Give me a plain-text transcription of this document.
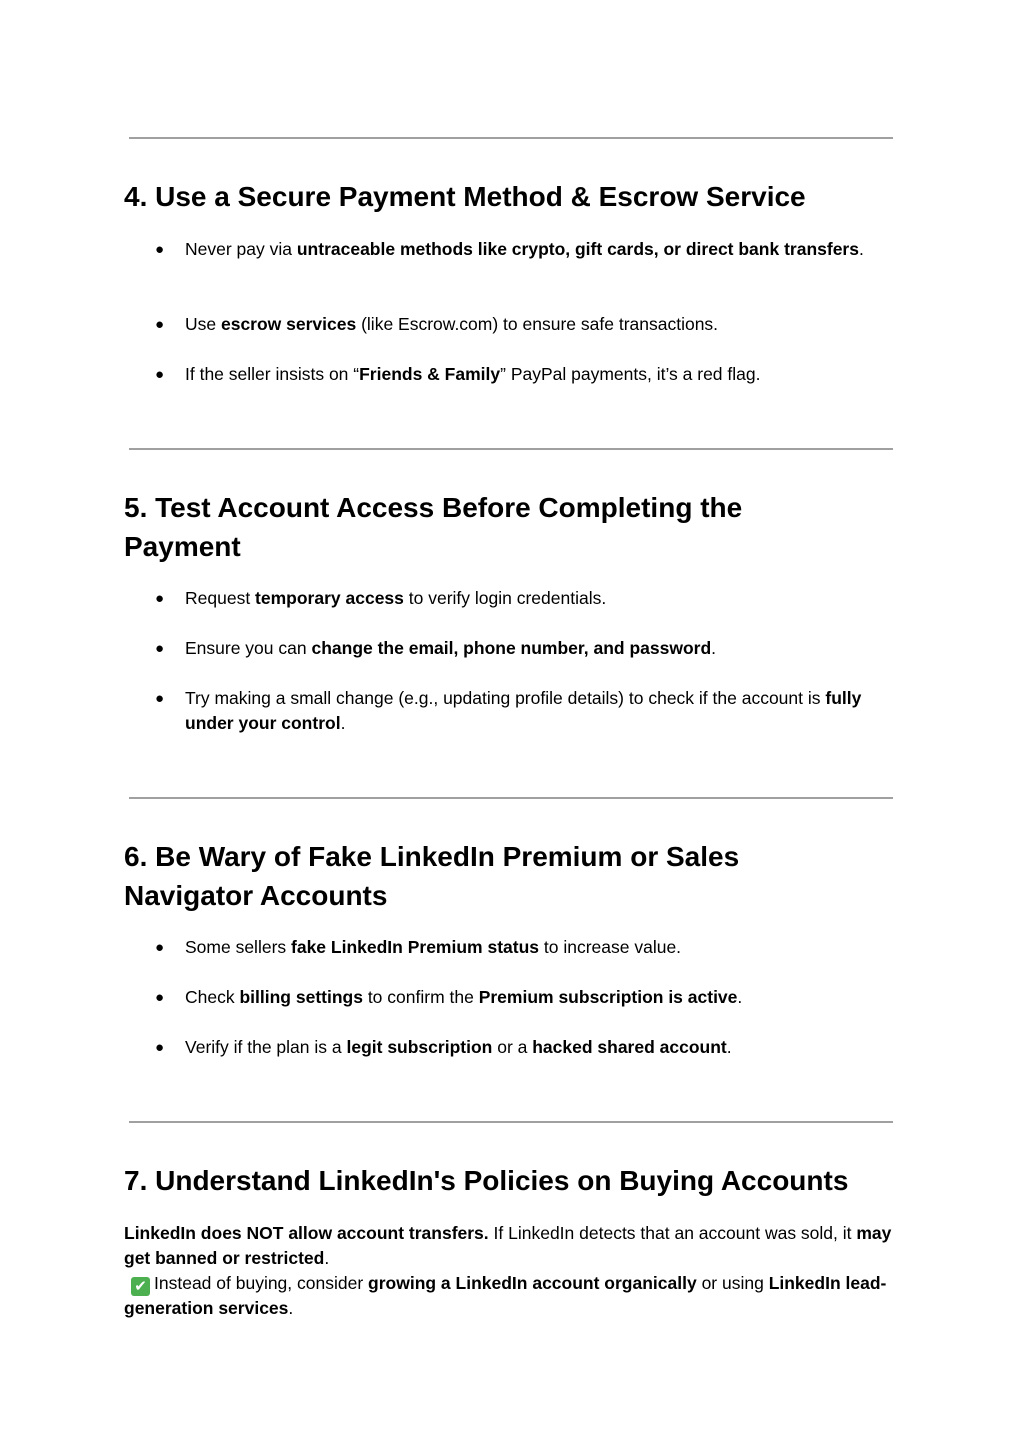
4. Use a Secure Payment Method & Escrow Service
● Never pay via untraceable methods like crypto, gift cards, or direct bank transfers.
● Use escrow services (like Escrow.com) to ensure safe transactions.
● If the seller insists on “Friends & Family” PayPal payments, it’s a red flag.
5. Test Account Access Before Completing the Payment
● Request temporary access to verify login credentials.
● Ensure you can change the email, phone number, and password.
● Try making a small change (e.g., updating profile details) to check if the account is fully under your control.
6. Be Wary of Fake LinkedIn Premium or Sales Navigator Accounts
● Some sellers fake LinkedIn Premium status to increase value.
● Check billing settings to confirm the Premium subscription is active.
● Verify if the plan is a legit subscription or a hacked shared account.
7. Understand LinkedIn's Policies on Buying Accounts
LinkedIn does NOT allow account transfers. If LinkedIn detects that an account was sold, it may get banned or restricted.
✔ Instead of buying, consider growing a LinkedIn account organically or using LinkedIn lead-generation services.
